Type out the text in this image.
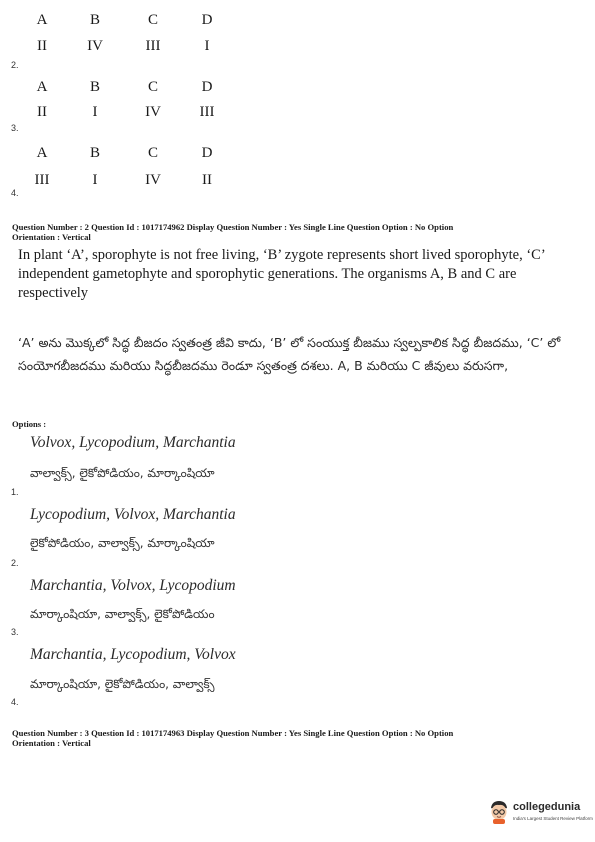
A	B	C	D
II	IV	III	I
2.
A	B	C	D
II	I	IV	III
3.
A	B	C	D
III	I	IV	II
4.
Question Number : 2 Question Id : 1017174962 Display Question Number : Yes Single Line Question Option : No Option
Orientation : Vertical
In plant ‘A’, sporophyte is not free living, ‘B’ zygote represents short lived sporophyte, ‘C’ independent gametophyte and sporophytic generations. The organisms A, B and C are respectively
‘A’ అను మొక్కలో సిద్ధ బీజదం స్వతంత్ర జీవి కాదు, ‘B’ లో సంయుక్త బీజము స్వల్పకాలిక సిద్ధ బీజదము, ‘C’ లో సంయోగబీజదము మరియు సిద్ధబీజదము రెండూ స్వతంత్ర దశలు. A, B మరియు C జీవులు వరుసగా,
Options :
Volvox, Lycopodium, Marchantia
వాల్వాక్స్, లైకోపోడియం, మార్కాంషియా
1.
Lycopodium, Volvox, Marchantia
లైకోపోడియం, వాల్వాక్స్, మార్కాంషియా
2.
Marchantia, Volvox, Lycopodium
మార్కాంషియా, వాల్వాక్స్, లైకోపోడియం
3.
Marchantia, Lycopodium, Volvox
మార్కాంషియా, లైకోపోడియం, వాల్వాక్స్
4.
Question Number : 3 Question Id : 1017174963 Display Question Number : Yes Single Line Question Option : No Option
Orientation : Vertical
collegedunia
India's Largest Student Review Platform
